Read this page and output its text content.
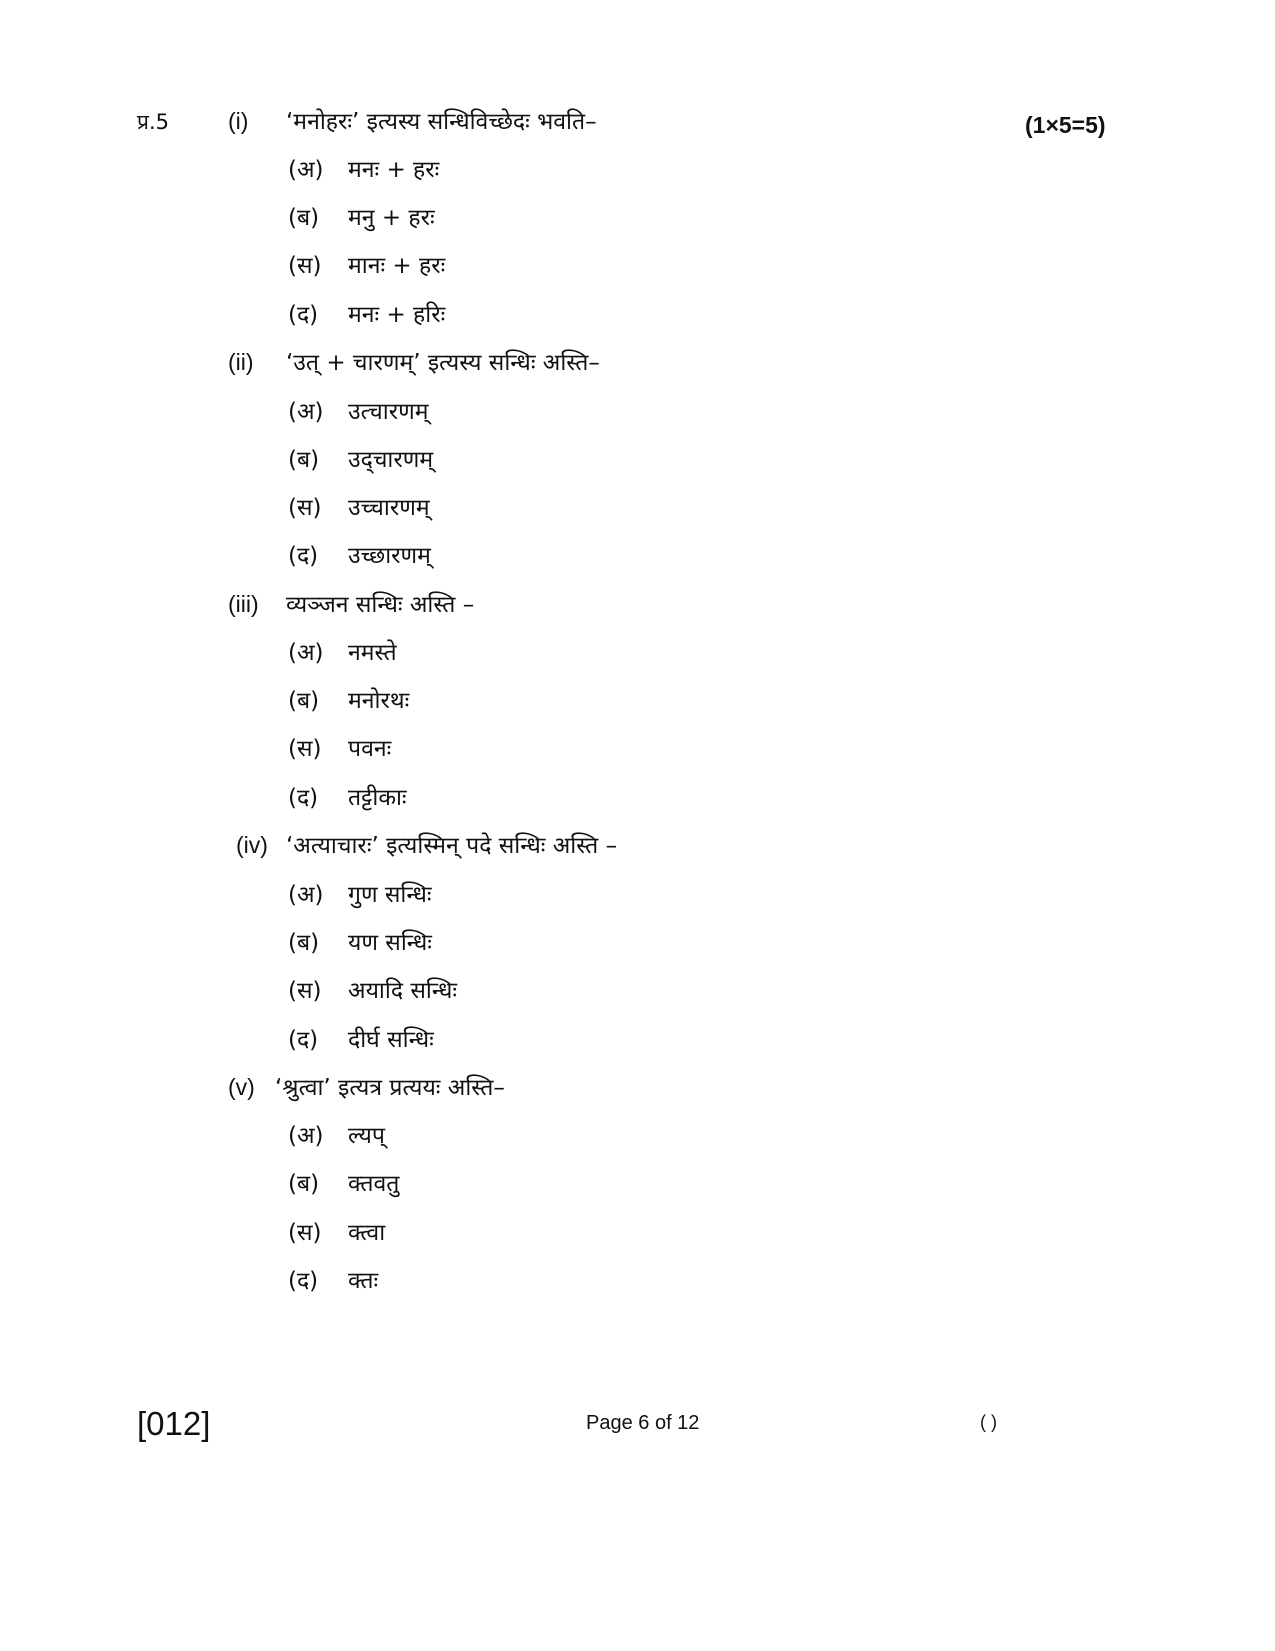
प्र.5	(1×5=5)
(i) ‘मनोहरः’ इत्यस्य सन्धिविच्छेदः भवति–
(अ) मनः + हरः
(ब) मनु + हरः
(स) मानः + हरः
(द) मनः + हरिः
(ii) ‘उत् + चारणम्’ इत्यस्य सन्धिः अस्ति–
(अ) उत्चारणम्
(ब) उद्चारणम्
(स) उच्चारणम्
(द) उच्छारणम्
(iii) व्यञ्जन सन्धिः अस्ति –
(अ) नमस्ते
(ब) मनोरथः
(स) पवनः
(द) तट्टीकाः
(iv) ‘अत्याचारः’ इत्यस्मिन् पदे सन्धिः अस्ति –
(अ) गुण सन्धिः
(ब) यण सन्धिः
(स) अयादि सन्धिः
(द) दीर्घ सन्धिः
(v) ‘श्रुत्वा’ इत्यत्र प्रत्ययः अस्ति–
(अ) ल्यप्
(ब) क्तवतु
(स) क्त्वा
(द) क्तः
[012]	Page 6 of 12	( )
